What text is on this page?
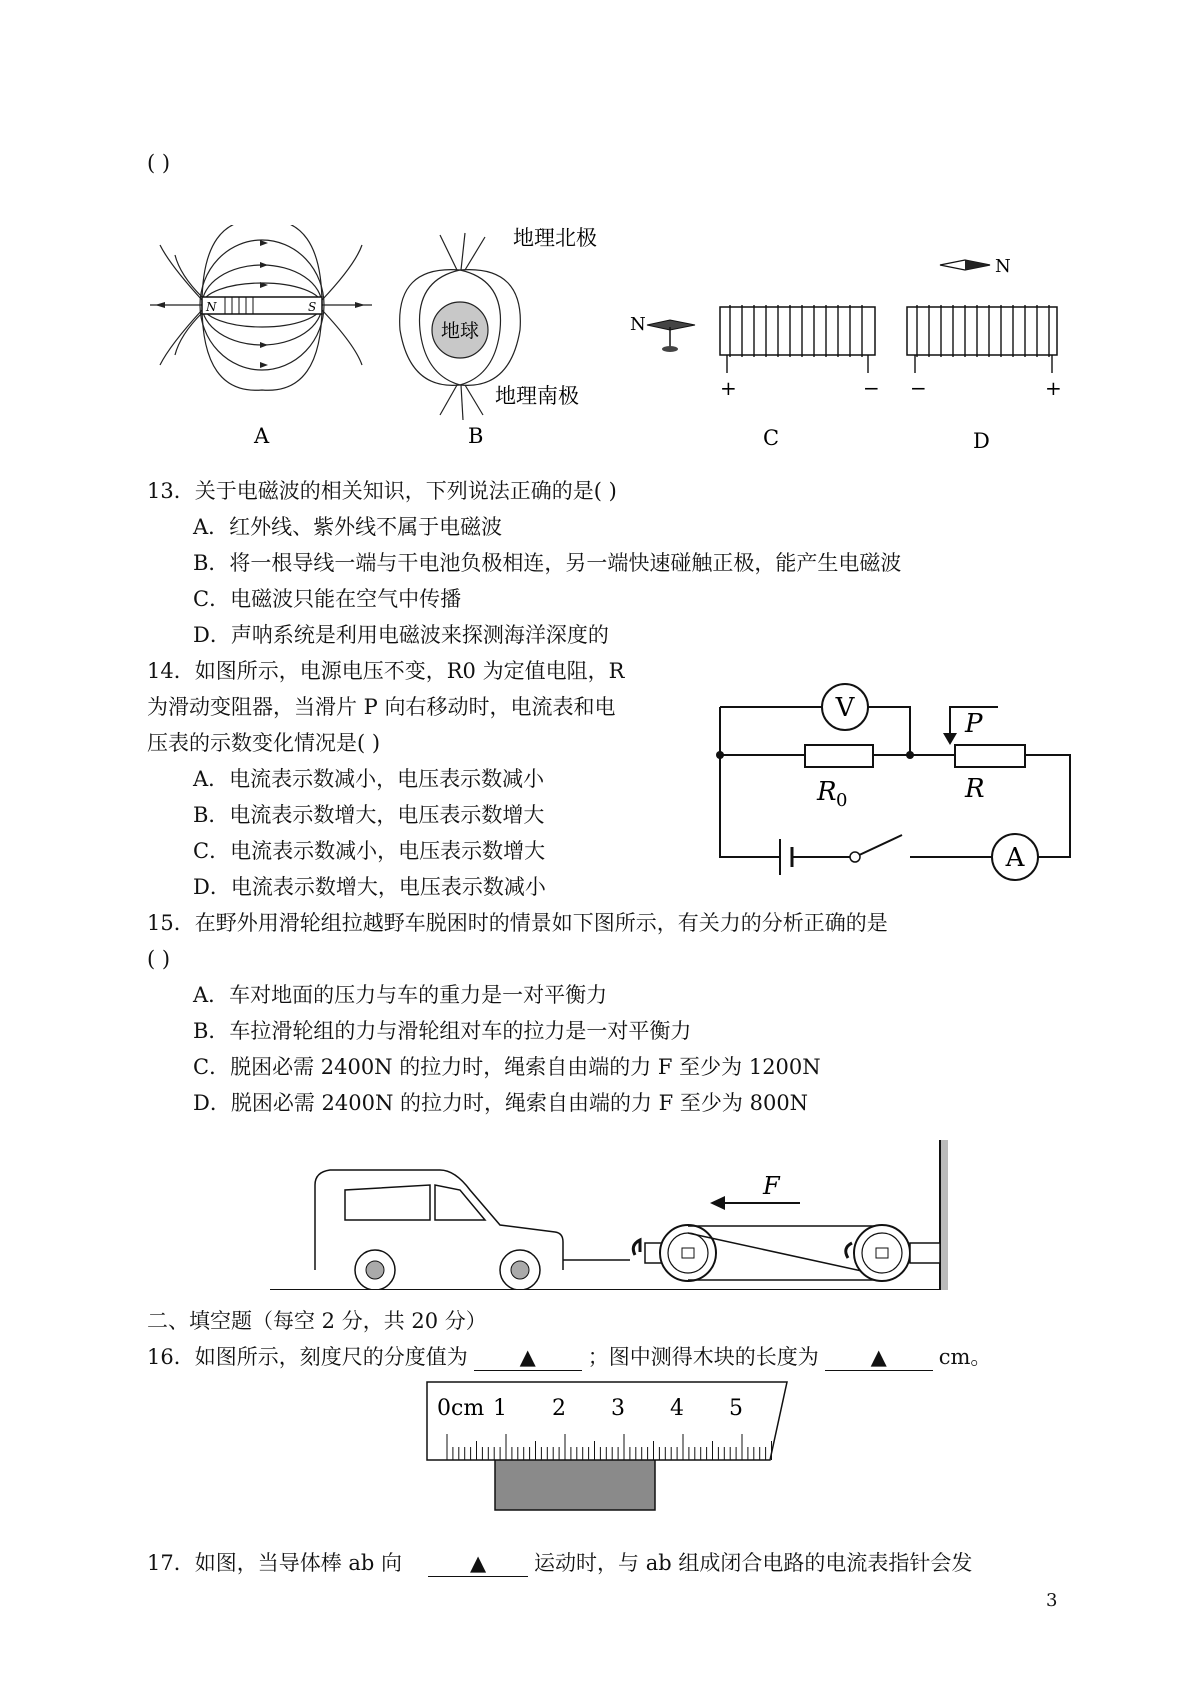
( )
N	S
A
地球
地理北极
地理南极
B
N
+	−
C
N
−	+
D
13．关于电磁波的相关知识，下列说法正确的是( )
A．红外线、紫外线不属于电磁波
B．将一根导线一端与干电池负极相连，另一端快速碰触正极，能产生电磁波
C．电磁波只能在空气中传播
D．声呐系统是利用电磁波来探测海洋深度的
14．如图所示，电源电压不变，R0 为定值电阻，R
为滑动变阻器，当滑片 P 向右移动时，电流表和电
压表的示数变化情况是( )
A．电流表示数减小，电压表示数减小
B．电流表示数增大，电压表示数增大
C．电流表示数减小，电压表示数增大
D．电流表示数增大，电压表示数减小
V
A
R 0	R
P
15．在野外用滑轮组拉越野车脱困时的情景如下图所示，有关力的分析正确的是
( )
A．车对地面的压力与车的重力是一对平衡力
B．车拉滑轮组的力与滑轮组对车的拉力是一对平衡力
C．脱困必需 2400N 的拉力时，绳索自由端的力 F 至少为 1200N
D．脱困必需 2400N 的拉力时，绳索自由端的力 F 至少为 800N
F
二、填空题（每空 2 分，共 20 分）
16．如图所示，刻度尺的分度值为 ▲ ；图中测得木块的长度为 ▲ cm。
0cm 1 2 3 4 5
17．如图，当导体棒 ab 向	▲ 运动时，与 ab 组成闭合电路的电流表指针会发
3
